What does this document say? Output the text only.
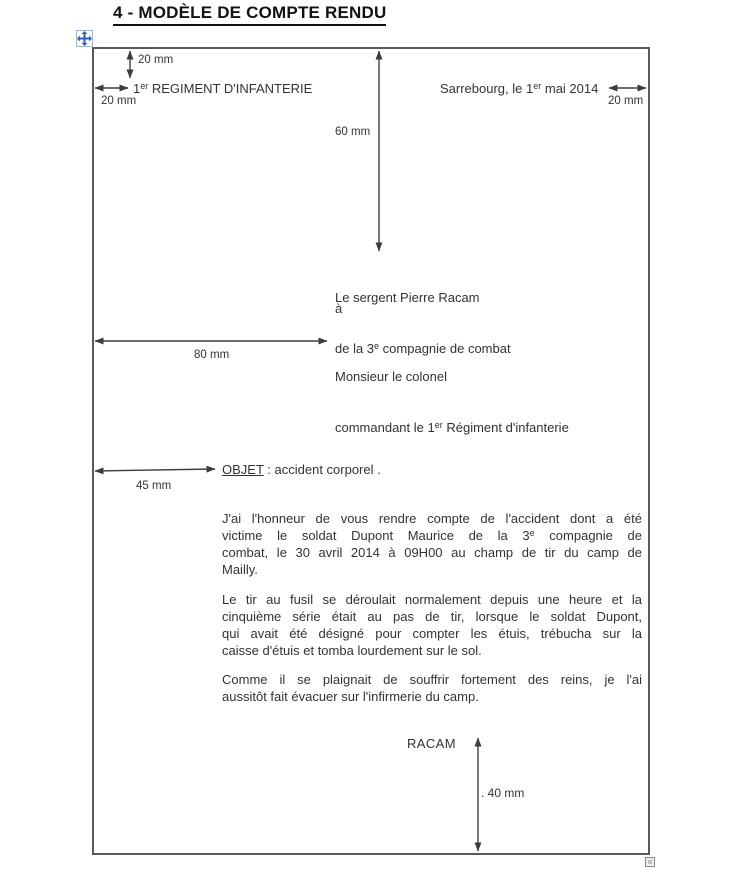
4 - MODÈLE DE COMPTE RENDU
20 mm
20 mm	20 mm
60 mm
80 mm
45 mm
. 40 mm
1er REGIMENT D'INFANTERIE	Sarrebourg, le 1er mai 2014

Le sergent Pierre Racam

de la 3e compagnie de combat

à

Monsieur le colonel

commandant le 1er Régiment d'infanterie

OBJET : accident corporel .
J'ai l'honneur de vous rendre compte de l'accident dont a été
victime le soldat Dupont Maurice de la 3e compagnie de
combat, le 30 avril 2014 à 09H00 au champ de tir du camp de
Mailly.
Le tir au fusil se déroulait normalement depuis une heure et la
cinquième série était au pas de tir, lorsque le soldat Dupont,
qui avait été désigné pour compter les étuis, trébucha sur la
caisse d'étuis et tomba lourdement sur le sol.
Comme il se plaignait de souffrir fortement des reins, je l'ai
aussitôt fait évacuer sur l'infirmerie du camp.
RACAM
